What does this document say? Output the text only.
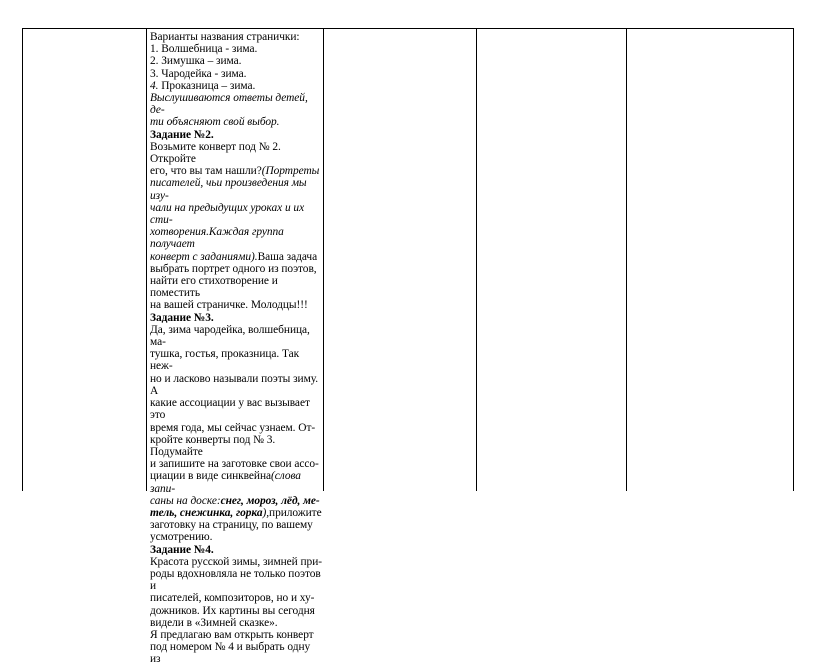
Варианты названия странички:

1. Волшебница - зима.

2. Зимушка – зима.

3. Чародейка - зима.

4. Проказница – зима.

Выслушиваются ответы детей, де-

ти объясняют свой выбор.

Задание №2.

Возьмите конверт под № 2. Откройте

его, что вы там нашли?(Портреты

писателей, чьи произведения мы изу-

чали на предыдущих уроках и их сти-

хотворения.Каждая группа получает

конверт с заданиями).Ваша задача

выбрать портрет одного из поэтов,

найти его стихотворение и поместить

на вашей страничке. Молодцы!!!

Задание №3.

Да, зима чародейка, волшебница, ма-

тушка, гостья, проказница. Так неж-

но и ласково называли поэты зиму. А

какие ассоциации у вас вызывает это

время года, мы сейчас узнаем. От-

кройте конверты под № 3. Подумайте

и запишите на заготовке свои ассо-

циации в виде синквейна(слова запи-

саны на доске:снег, мороз, лёд, ме-

тель, снежинка, горка),приложите

заготовку на страницу, по вашему

усмотрению.

Задание №4.

Красота русской зимы, зимней при-

роды вдохновляла не только поэтов и

писателей, композиторов, но и ху-

дожников. Их картины вы сегодня

видели в «Зимней сказке».

Я предлагаю вам открыть конверт

под номером № 4 и выбрать одну из
